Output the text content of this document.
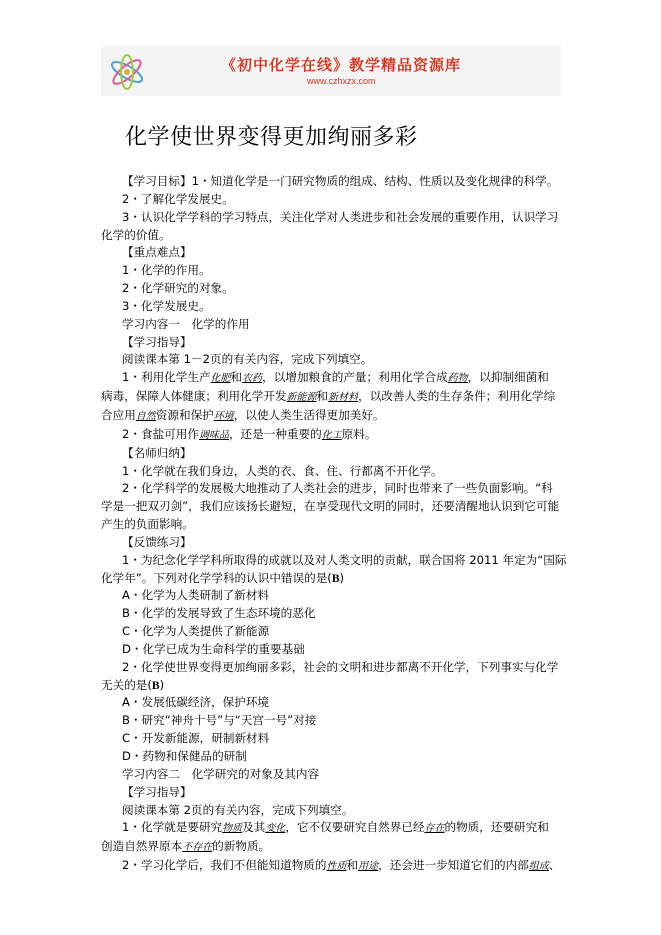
《初中化学在线》教学精品资源库
www.czhxzx.com
化学使世界变得更加绚丽多彩
【学习目标】1・知道化学是一门研究物质的组成、结构、性质以及变化规律的科学。
2・了解化学发展史。
3・认识化学学科的学习特点，关注化学对人类进步和社会发展的重要作用，认识学习
化学的价值。
【重点难点】
1・化学的作用。
2・化学研究的对象。
3・化学发展史。
学习内容一　化学的作用
【学习指导】
阅读课本第 1－2页的有关内容，完成下列填空。
1・利用化学生产化肥和农药，以增加粮食的产量；利用化学合成药物，以抑制细菌和
病毒，保障人体健康；利用化学开发新能源和新材料，以改善人类的生存条件；利用化学综
合应用自然资源和保护环境，以使人类生活得更加美好。
2・食盐可用作调味品，还是一种重要的化工原料。
【名师归纳】
1・化学就在我们身边，人类的衣、食、住、行都离不开化学。
2・化学科学的发展极大地推动了人类社会的进步，同时也带来了一些负面影响。“科
学是一把双刃剑”，我们应该扬长避短，在享受现代文明的同时，还要清醒地认识到它可能
产生的负面影响。
【反馈练习】
1・为纪念化学学科所取得的成就以及对人类文明的贡献，联合国将 2011 年定为“国际
化学年”。下列对化学学科的认识中错误的是(B)
A・化学为人类研制了新材料
B・化学的发展导致了生态环境的恶化
C・化学为人类提供了新能源
D・化学已成为生命科学的重要基础
2・化学使世界变得更加绚丽多彩，社会的文明和进步都离不开化学，下列事实与化学
无关的是(B)
A・发展低碳经济，保护环境
B・研究“神舟十号”与“天宫一号”对接
C・开发新能源，研制新材料
D・药物和保健品的研制
学习内容二　化学研究的对象及其内容
【学习指导】
阅读课本第 2页的有关内容，完成下列填空。
1・化学就是要研究物质及其变化，它不仅要研究自然界已经存在的物质，还要研究和
创造自然界原本不存在的新物质。
2・学习化学后，我们不但能知道物质的性质和用途，还会进一步知道它们的内部组成、
